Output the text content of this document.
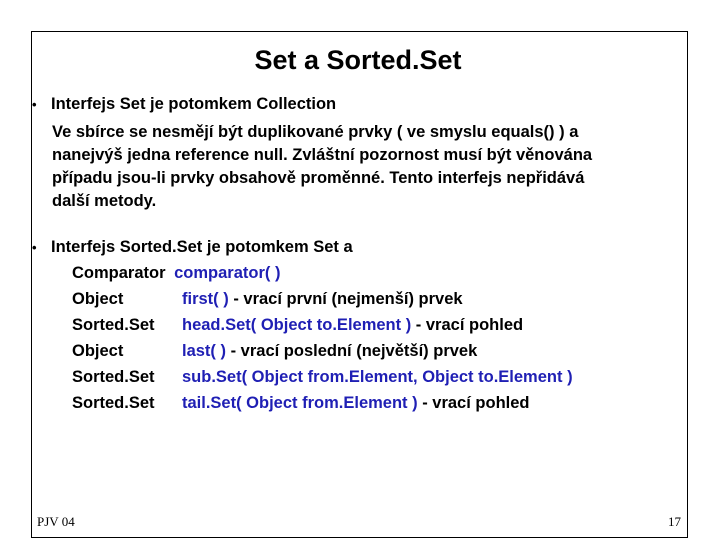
Set a Sorted.Set
• Interfejs Set je potomkem Collection
Ve sbírce se nesmějí být duplikované prvky ( ve smyslu equals() ) a
nanejvýš jedna reference null. Zvláštní pozornost musí být věnována
případu jsou-li prvky obsahově proměnné. Tento interfejs nepřidává
další metody.
• Interfejs Sorted.Set je potomkem Set a
Comparator comparator( )
Object	first( ) - vrací první (nejmenší) prvek
Sorted.Set head.Set( Object to.Element ) - vrací pohled
Object	last( ) - vrací poslední (největší) prvek
Sorted.Set sub.Set( Object from.Element, Object to.Element )
Sorted.Set tail.Set( Object from.Element ) - vrací pohled
PJV 04	17
